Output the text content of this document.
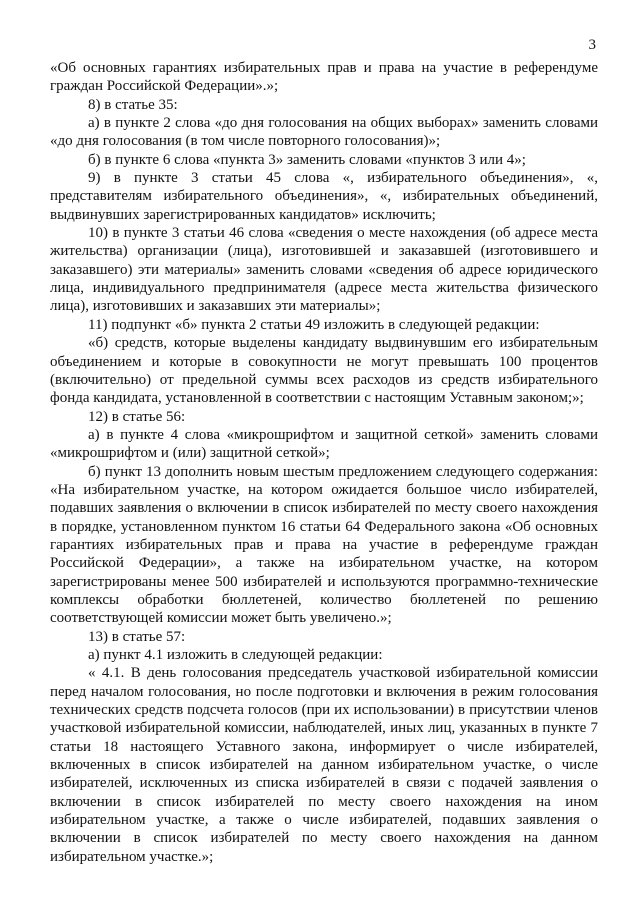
3

«Об основных гарантиях избирательных прав и права на участие в референдуме граждан Российской Федерации».»;

8) в статье 35:

а) в пункте 2 слова «до дня голосования на общих выборах» заменить словами «до дня голосования (в том числе повторного голосования)»;

б) в пункте 6 слова «пункта 3» заменить словами «пунктов 3 или 4»;

9) в пункте 3 статьи 45 слова «, избирательного объединения», «, представителям избирательного объединения», «, избирательных объединений, выдвинувших зарегистрированных кандидатов» исключить;

10) в пункте 3 статьи 46 слова «сведения о месте нахождения (об адресе места жительства) организации (лица), изготовившей и заказавшей (изготовившего и заказавшего) эти материалы» заменить словами «сведения об адресе юридического лица, индивидуального предпринимателя (адресе места жительства физического лица), изготовивших и заказавших эти материалы»;

11) подпункт «б» пункта 2 статьи 49 изложить в следующей редакции:

«б) средств, которые выделены кандидату выдвинувшим его избирательным объединением и которые в совокупности не могут превышать 100 процентов (включительно) от предельной суммы всех расходов из средств избирательного фонда кандидата, установленной в соответствии с настоящим Уставным законом;»;

12) в статье 56:

а) в пункте 4 слова «микрошрифтом и защитной сеткой» заменить словами «микрошрифтом и (или) защитной сеткой»;

б) пункт 13 дополнить новым шестым предложением следующего содержания: «На избирательном участке, на котором ожидается большое число избирателей, подавших заявления о включении в список избирателей по месту своего нахождения в порядке, установленном пунктом 16 статьи 64 Федерального закона «Об основных гарантиях избирательных прав и права на участие в референдуме граждан Российской Федерации», а также на избирательном участке, на котором зарегистрированы менее 500 избирателей и используются программно-технические комплексы обработки бюллетеней, количество бюллетеней по решению соответствующей комиссии может быть увеличено.»;

13) в статье 57:

а) пункт 4.1 изложить в следующей редакции:

« 4.1. В день голосования председатель участковой избирательной комиссии перед началом голосования, но после подготовки и включения в режим голосования технических средств подсчета голосов (при их использовании) в присутствии членов участковой избирательной комиссии, наблюдателей, иных лиц, указанных в пункте 7 статьи 18 настоящего Уставного закона, информирует о числе избирателей, включенных в список избирателей на данном избирательном участке, о числе избирателей, исключенных из списка избирателей в связи с подачей заявления о включении в список избирателей по месту своего нахождения на ином избирательном участке, а также о числе избирателей, подавших заявления о включении в список избирателей по месту своего нахождения на данном избирательном участке.»;
